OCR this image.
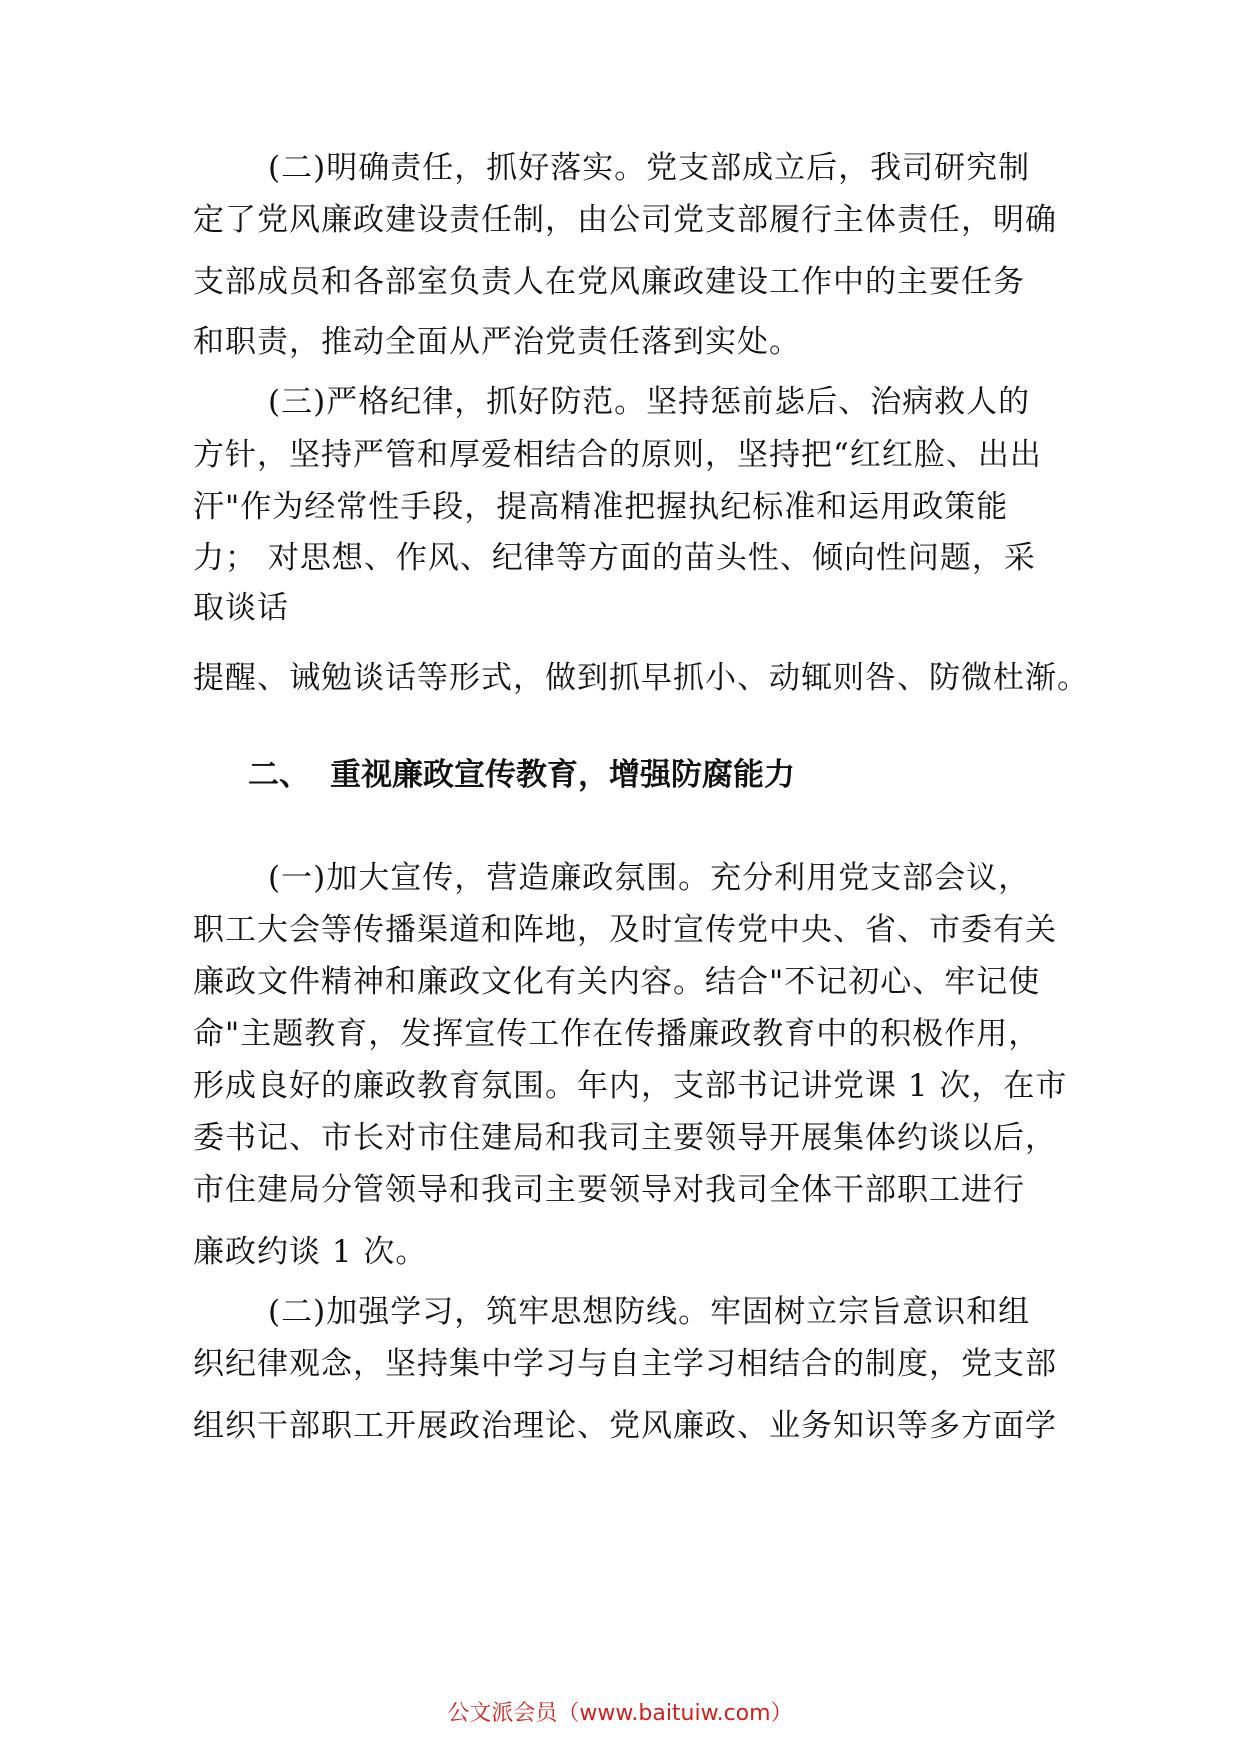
(二)明确责任，抓好落实。党支部成立后，我司研究制
定了党风廉政建设责任制，由公司党支部履行主体责任，明确
支部成员和各部室负责人在党风廉政建设工作中的主要任务
和职责，推动全面从严治党责任落到实处。
(三)严格纪律，抓好防范。坚持惩前毖后、治病救人的
方针，坚持严管和厚爱相结合的原则，坚持把“红红脸、出出
汗"作为经常性手段，提高精准把握执纪标准和运用政策能
力； 对思想、作风、纪律等方面的苗头性、倾向性问题，采
取谈话
提醒、诫勉谈话等形式，做到抓早抓小、动辄则咎、防微杜渐。
二、 重视廉政宣传教育，增强防腐能力
(一)加大宣传，营造廉政氛围。充分利用党支部会议，
职工大会等传播渠道和阵地，及时宣传党中央、省、市委有关
廉政文件精神和廉政文化有关内容。结合"不记初心、牢记使
命"主题教育，发挥宣传工作在传播廉政教育中的积极作用，
形成良好的廉政教育氛围。年内，支部书记讲党课 1 次，在市
委书记、市长对市住建局和我司主要领导开展集体约谈以后，
市住建局分管领导和我司主要领导对我司全体干部职工进行
廉政约谈 1 次。
(二)加强学习，筑牢思想防线。牢固树立宗旨意识和组
织纪律观念，坚持集中学习与自主学习相结合的制度，党支部
组织干部职工开展政治理论、党风廉政、业务知识等多方面学
公文派会员（www.baituiw.com）
